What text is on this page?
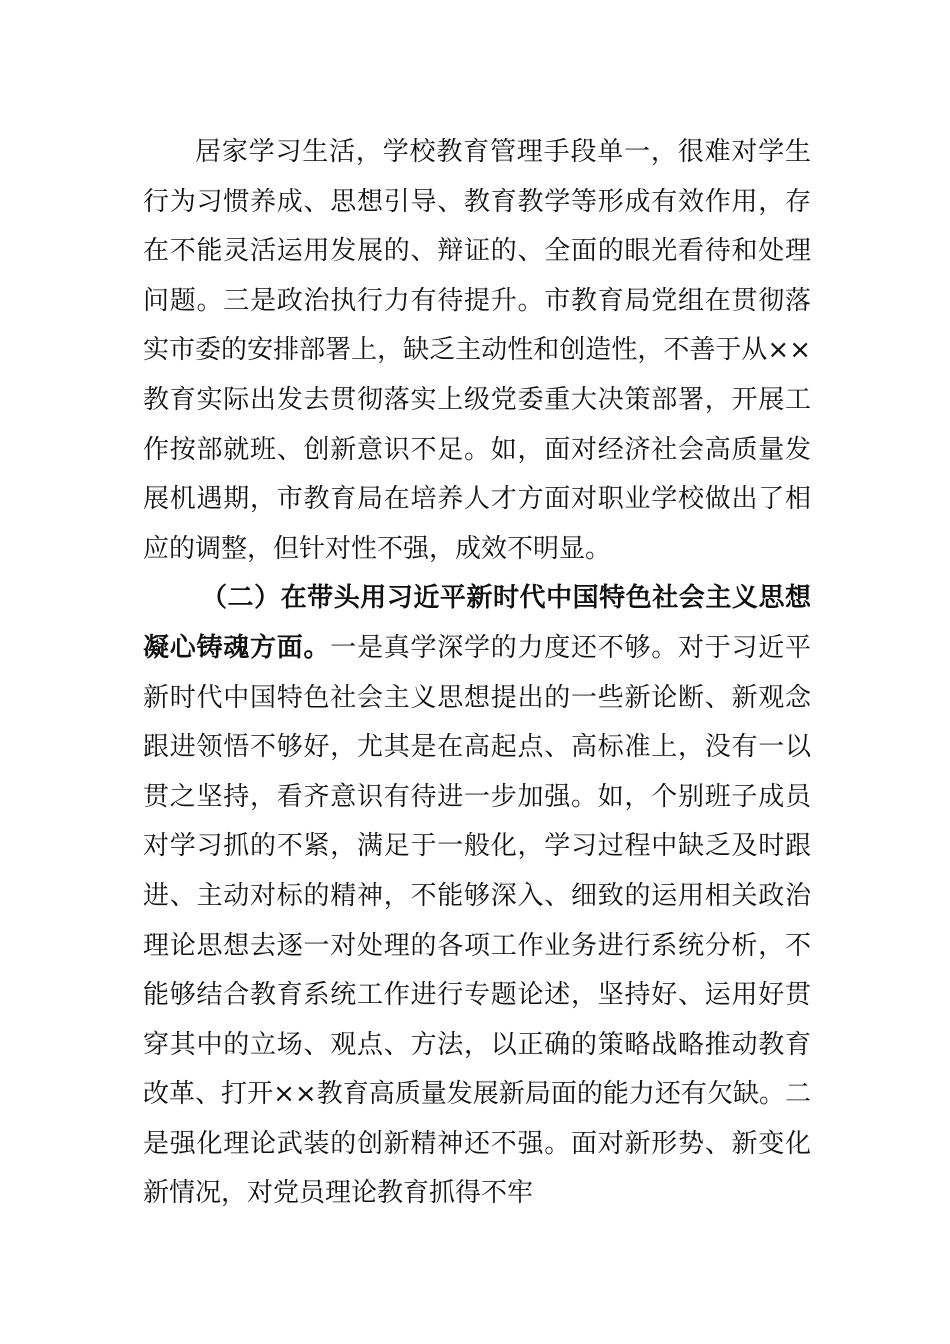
居家学习生活，学校教育管理手段单一，很难对学生行为习惯养成、思想引导、教育教学等形成有效作用，存在不能灵活运用发展的、辩证的、全面的眼光看待和处理问题。三是政治执行力有待提升。市教育局党组在贯彻落实市委的安排部署上，缺乏主动性和创造性，不善于从××教育实际出发去贯彻落实上级党委重大决策部署，开展工作按部就班、创新意识不足。如，面对经济社会高质量发展机遇期，市教育局在培养人才方面对职业学校做出了相应的调整，但针对性不强，成效不明显。

（二）在带头用习近平新时代中国特色社会主义思想凝心铸魂方面。一是真学深学的力度还不够。对于习近平新时代中国特色社会主义思想提出的一些新论断、新观念跟进领悟不够好，尤其是在高起点、高标准上，没有一以贯之坚持，看齐意识有待进一步加强。如，个别班子成员对学习抓的不紧，满足于一般化，学习过程中缺乏及时跟进、主动对标的精神，不能够深入、细致的运用相关政治理论思想去逐一对处理的各项工作业务进行系统分析，不能够结合教育系统工作进行专题论述，坚持好、运用好贯穿其中的立场、观点、方法，以正确的策略战略推动教育改革、打开××教育高质量发展新局面的能力还有欠缺。二是强化理论武装的创新精神还不强。面对新形势、新变化新情况，对党员理论教育抓得不牢
